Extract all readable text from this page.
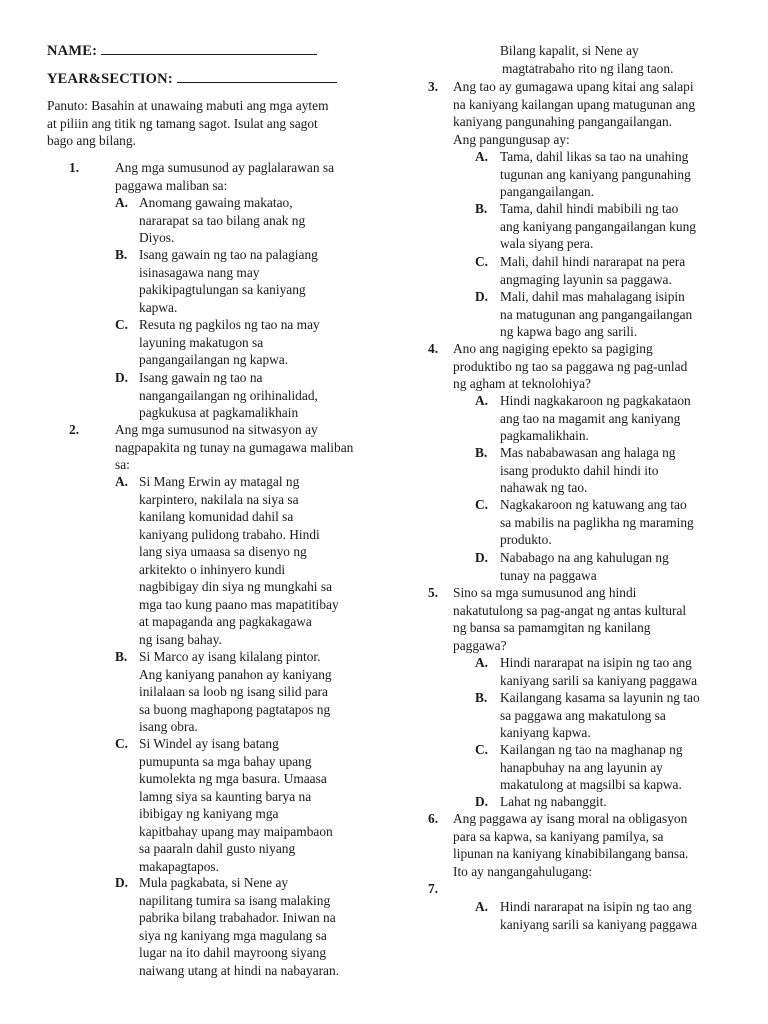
NAME:
YEAR&SECTION:
Panuto: Basahin at unawaing mabuti ang mga aytem
at piliin ang titik ng tamang sagot. Isulat ang sagot
bago ang bilang.
1.	Ang mga sumusunod ay paglalarawan sa
paggawa maliban sa:
A. Anomang gawaing makatao,
nararapat sa tao bilang anak ng
Diyos.
B. Isang gawain ng tao na palagiang
isinasagawa nang may
pakikipagtulungan sa kaniyang
kapwa.
C. Resuta ng pagkilos ng tao na may
layuning makatugon sa
pangangailangan ng kapwa.
D. Isang gawain ng tao na
nangangailangan ng orihinalidad,
pagkukusa at pagkamalikhain
2.	Ang mga sumusunod na sitwasyon ay
nagpapakita ng tunay na gumagawa maliban
sa:
A. Si Mang Erwin ay matagal ng
karpintero, nakilala na siya sa
kanilang komunidad dahil sa
kaniyang pulidong trabaho. Hindi
lang siya umaasa sa disenyo ng
arkitekto o inhinyero kundi
nagbibigay din siya ng mungkahi sa
mga tao kung paano mas mapatitibay
at mapaganda ang pagkakagawa
ng isang bahay.
B. Si Marco ay isang kilalang pintor.
Ang kaniyang panahon ay kaniyang
inilalaan sa loob ng isang silid para
sa buong maghapong pagtatapos ng
isang obra.
C. Si Windel ay isang batang
pumupunta sa mga bahay upang
kumolekta ng mga basura. Umaasa
lamng siya sa kaunting barya na
ibibigay ng kaniyang mga
kapitbahay upang may maipambaon
sa paaraln dahil gusto niyang
makapagtapos.
D. Mula pagkabata, si Nene ay
napilitang tumira sa isang malaking
pabrika bilang trabahador. Iniwan na
siya ng kaniyang mga magulang sa
lugar na ito dahil mayroong siyang
naiwang utang at hindi na nabayaran.
Bilang kapalit, si Nene ay
magtatrabaho rito ng ilang taon.
3.	Ang tao ay gumagawa upang kitai ang salapi
na kaniyang kailangan upang matugunan ang
kaniyang pangunahing pangangailangan.
Ang pangungusap ay:
A. Tama, dahil likas sa tao na unahing
tugunan ang kaniyang pangunahing
pangangailangan.
B. Tama, dahil hindi mabibili ng tao
ang kaniyang pangangailangan kung
wala siyang pera.
C. Mali, dahil hindi nararapat na pera
angmaging layunin sa paggawa.
D. Mali, dahil mas mahalagang isipin
na matugunan ang pangangailangan
ng kapwa bago ang sarili.
4.	Ano ang nagiging epekto sa pagiging
produktibo ng tao sa paggawa ng pag-unlad
ng agham at teknolohiya?
A. Hindi nagkakaroon ng pagkakataon
ang tao na magamit ang kaniyang
pagkamalikhain.
B. Mas nababawasan ang halaga ng
isang produkto dahil hindi ito
nahawak ng tao.
C. Nagkakaroon ng katuwang ang tao
sa mabilis na paglikha ng maraming
produkto.
D. Nababago na ang kahulugan ng
tunay na paggawa
5.	Sino sa mga sumusunod ang hindi
nakatutulong sa pag-angat ng antas kultural
ng bansa sa pamamgitan ng kanilang
paggawa?
A. Hindi nararapat na isipin ng tao ang
kaniyang sarili sa kaniyang paggawa
B. Kailangang kasama sa layunin ng tao
sa paggawa ang makatulong sa
kaniyang kapwa.
C. Kailangan ng tao na maghanap ng
hanapbuhay na ang layunin ay
makatulong at magsilbi sa kapwa.
D. Lahat ng nabanggit.
6.	Ang paggawa ay isang moral na obligasyon
para sa kapwa, sa kaniyang pamilya, sa
lipunan na kaniyang kinabibilangang bansa.
Ito ay nangangahulugang:
7.
A. Hindi nararapat na isipin ng tao ang
kaniyang sarili sa kaniyang paggawa
